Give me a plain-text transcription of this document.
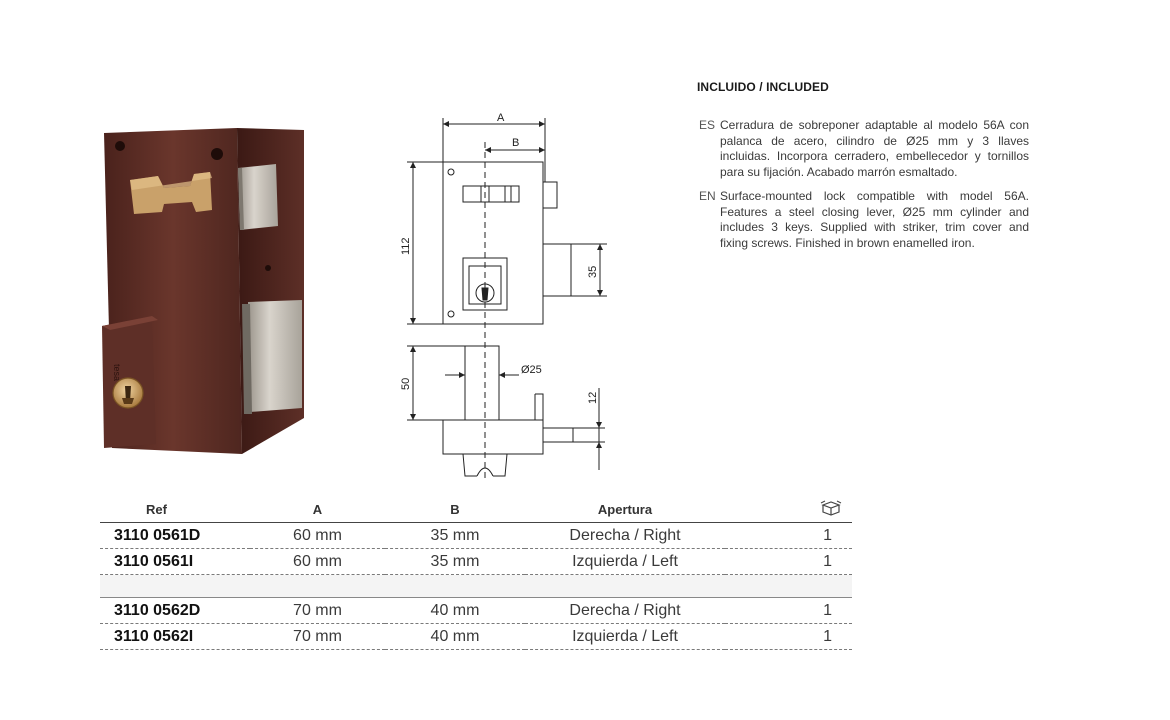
tesa
A
B
112
35
50
Ø25
12
INCLUIDO / INCLUDED
ES Cerradura de sobreponer adaptable al modelo 56A con palanca de acero, cilindro de Ø25 mm y 3 llaves incluidas. Incorpora cerradero, embellecedor y tornillos para su fijación. Acabado marrón esmaltado.
EN Surface-mounted lock compatible with model 56A. Features a steel closing lever, Ø25 mm cylinder and includes 3 keys. Supplied with striker, trim cover and fixing screws. Finished in brown enamelled iron.
Ref	A	B	Apertura	
3110 0561D	60 mm	35 mm	Derecha / Right	1
3110 0561I	60 mm	35 mm	Izquierda / Left	1

3110 0562D	70 mm	40 mm	Derecha / Right	1
3110 0562I	70 mm	40 mm	Izquierda / Left	1
